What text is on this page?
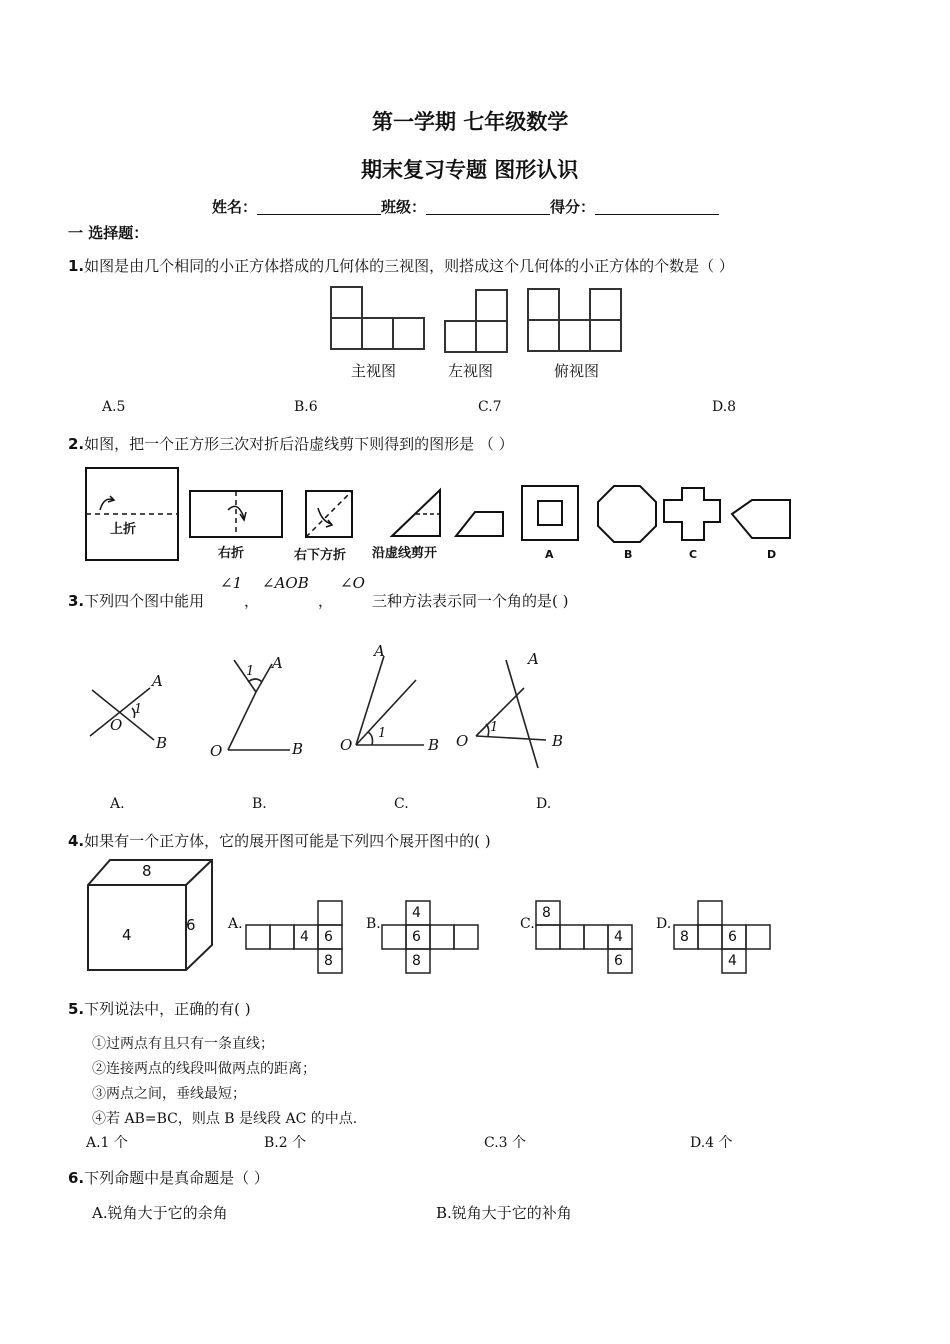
第一学期 七年级数学
期末复习专题 图形认识
姓名：	班级：	得分：
一 选择题：
1.如图是由几个相同的小正方体搭成的几何体的三视图，则搭成这个几何体的小正方体的个数是（ ）
主视图	左视图	俯视图
A.5	B.6	C.7	D.8
2.如图，把一个正方形三次对折后沿虚线剪下则得到的图形是 （ ）
上折
右折	右下方折 沿虚线剪开	A	B	C	D
3.下列四个图中能用
∠1
，
∠AOB
，
∠O
三种方法表示同一个角的是( )
A
B
O
1
A
B
O
1
A
B
O
1
A
B
O
1
A.	B.	C.	D.
4.如果有一个正方体，它的展开图可能是下列四个展开图中的( )
8
4
6 A.
4 6
8
B.
4
6
8
C.
8
4
6
D.
8	6
4
5.下列说法中，正确的有( )
①过两点有且只有一条直线；
②连接两点的线段叫做两点的距离；
③两点之间，垂线最短；
④若 AB=BC，则点 B 是线段 AC 的中点.
A.1 个	B.2 个	C.3 个	D.4 个
6.下列命题中是真命题是（ ）
A.锐角大于它的余角	B.锐角大于它的补角
